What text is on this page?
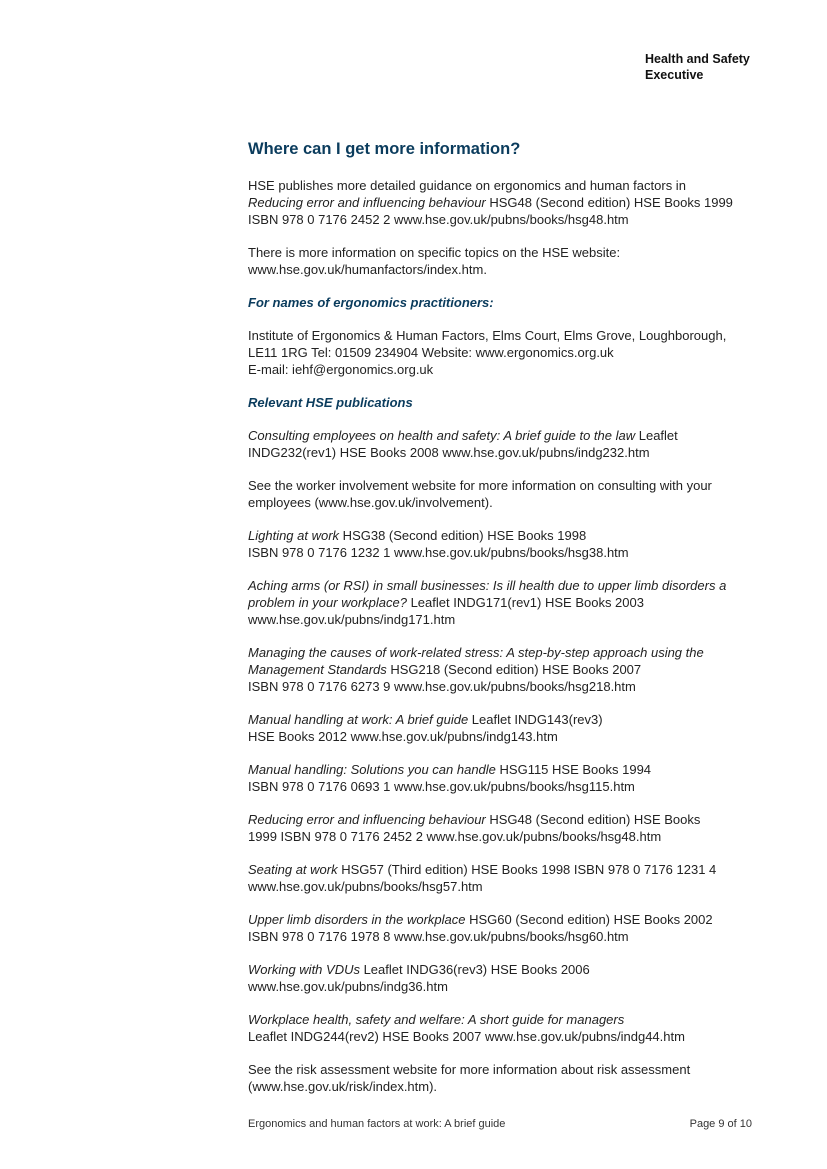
Health and Safety
Executive
Where can I get more information?

HSE publishes more detailed guidance on ergonomics and human factors in
Reducing error and influencing behaviour HSG48 (Second edition) HSE Books 1999
ISBN 978 0 7176 2452 2 www.hse.gov.uk/pubns/books/hsg48.htm

There is more information on specific topics on the HSE website:
www.hse.gov.uk/humanfactors/index.htm.

For names of ergonomics practitioners:

Institute of Ergonomics & Human Factors, Elms Court, Elms Grove, Loughborough,
LE11 1RG Tel: 01509 234904 Website: www.ergonomics.org.uk
E-mail: iehf@ergonomics.org.uk

Relevant HSE publications

Consulting employees on health and safety: A brief guide to the law Leaflet
INDG232(rev1) HSE Books 2008 www.hse.gov.uk/pubns/indg232.htm

See the worker involvement website for more information on consulting with your
employees (www.hse.gov.uk/involvement).

Lighting at work HSG38 (Second edition) HSE Books 1998
ISBN 978 0 7176 1232 1 www.hse.gov.uk/pubns/books/hsg38.htm

Aching arms (or RSI) in small businesses: Is ill health due to upper limb disorders a
problem in your workplace? Leaflet INDG171(rev1) HSE Books 2003
www.hse.gov.uk/pubns/indg171.htm

Managing the causes of work-related stress: A step-by-step approach using the
Management Standards HSG218 (Second edition) HSE Books 2007
ISBN 978 0 7176 6273 9 www.hse.gov.uk/pubns/books/hsg218.htm

Manual handling at work: A brief guide Leaflet INDG143(rev3)
HSE Books 2012 www.hse.gov.uk/pubns/indg143.htm

Manual handling: Solutions you can handle HSG115 HSE Books 1994
ISBN 978 0 7176 0693 1 www.hse.gov.uk/pubns/books/hsg115.htm

Reducing error and influencing behaviour HSG48 (Second edition) HSE Books
1999 ISBN 978 0 7176 2452 2 www.hse.gov.uk/pubns/books/hsg48.htm

Seating at work HSG57 (Third edition) HSE Books 1998 ISBN 978 0 7176 1231 4
www.hse.gov.uk/pubns/books/hsg57.htm

Upper limb disorders in the workplace HSG60 (Second edition) HSE Books 2002
ISBN 978 0 7176 1978 8 www.hse.gov.uk/pubns/books/hsg60.htm

Working with VDUs Leaflet INDG36(rev3) HSE Books 2006
www.hse.gov.uk/pubns/indg36.htm

Workplace health, safety and welfare: A short guide for managers
Leaflet INDG244(rev2) HSE Books 2007 www.hse.gov.uk/pubns/indg44.htm

See the risk assessment website for more information about risk assessment
(www.hse.gov.uk/risk/index.htm).

Ergonomics and human factors at work: A brief guide	Page 9 of 10
